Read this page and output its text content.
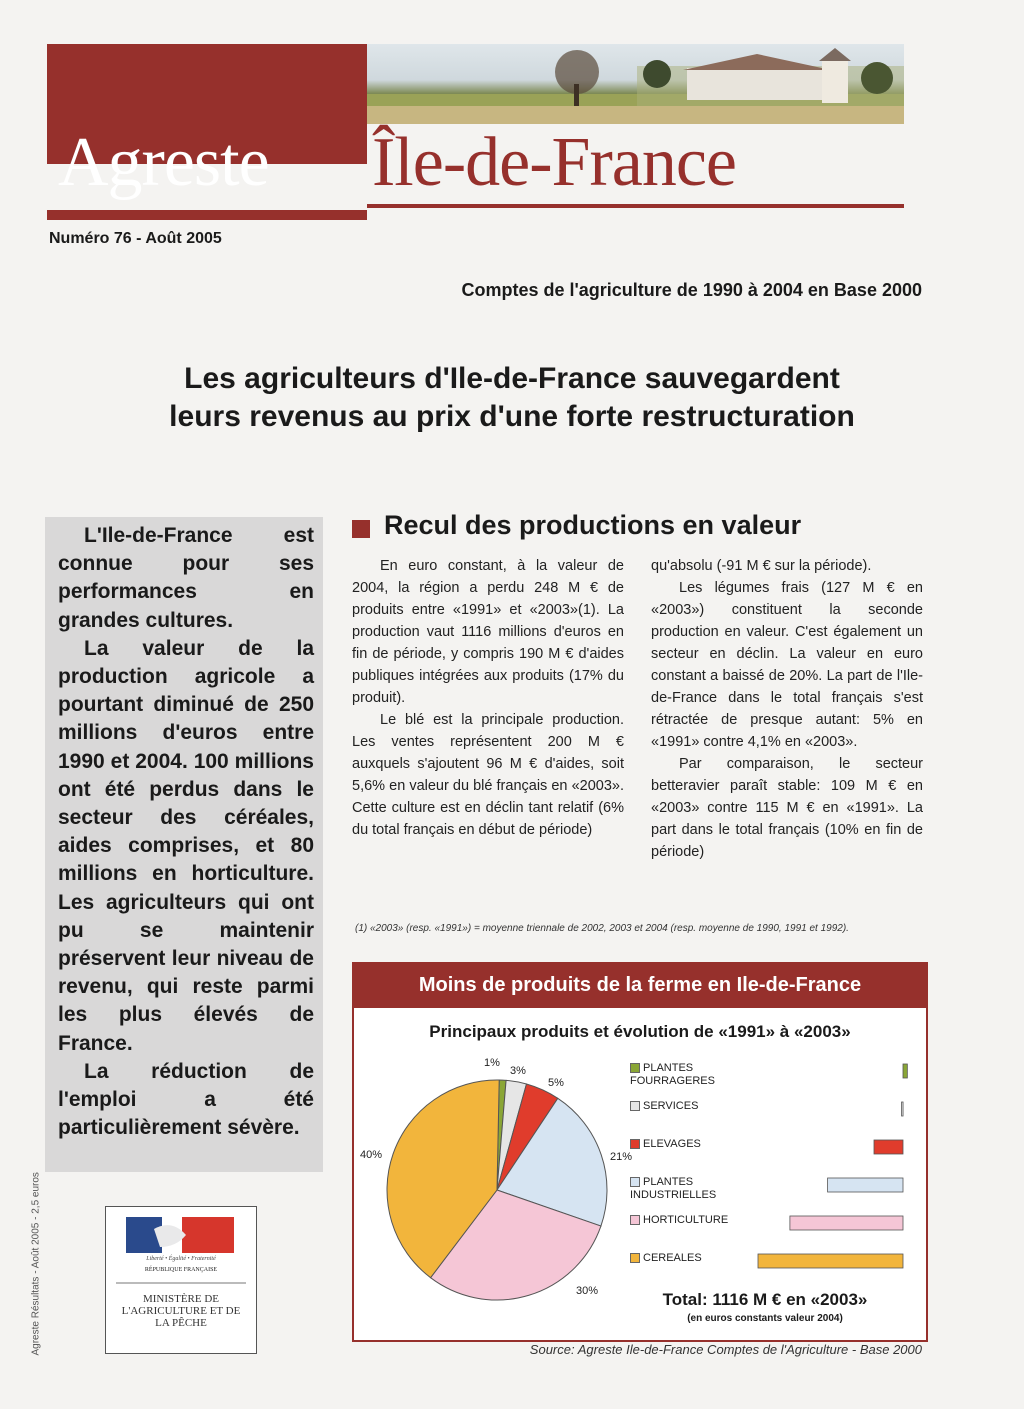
Agreste Île-de-France
Numéro 76 - Août 2005
Comptes de l'agriculture de 1990 à 2004 en Base 2000
Les agriculteurs d'Ile-de-France sauvegardent
leurs revenus au prix d'une forte restructuration

L'Ile-de-France est connue pour ses performances en grandes cultures.

La valeur de la production agricole a pourtant diminué de 250 millions d'euros entre 1990 et 2004. 100 millions ont été perdus dans le secteur des céréales, aides comprises, et 80 millions en horticulture. Les agriculteurs qui ont pu se maintenir préservent leur niveau de revenu, qui reste parmi les plus élevés de France.

La réduction de l'emploi a été particulièrement sévère.

Liberté • Égalité • Fraternité
RÉPUBLIQUE FRANÇAISE
MINISTÈRE DE L'AGRICULTURE ET DE LA PÊCHE
Agreste Résultats - Août 2005 - 2,5 euros
Recul des productions en valeur

En euro constant, à la valeur de 2004, la région a perdu 248 M € de produits entre «1991» et «2003»(1). La production vaut 1116 millions d'euros en fin de période, y compris 190 M € d'aides publiques intégrées aux produits (17% du produit).

Le blé est la principale production. Les ventes représentent 200 M € auxquels s'ajoutent 96 M € d'aides, soit 5,6% en valeur du blé français en «2003». Cette culture est en déclin tant relatif (6% du total français en début de période)

qu'absolu (-91 M € sur la période).

Les légumes frais (127 M € en «2003») constituent la seconde production en valeur. C'est également un secteur en déclin. La valeur en euro constant a baissé de 20%. La part de l'Ile-de-France dans le total français s'est rétractée de presque autant: 5% en «1991» contre 4,1% en «2003».

Par comparaison, le secteur betteravier paraît stable: 109 M € en «2003» contre 115 M € en «1991». La part dans le total français (10% en fin de période)

(1) «2003» (resp. «1991») = moyenne triennale de 2002, 2003 et 2004 (resp. moyenne de 1990, 1991 et 1992).
Moins de produits de la ferme en Ile-de-France
Principaux produits et évolution de «1991» à «2003»
1%
3%
5%
21%
30%
40%
PLANTES FOURRAGERES
SERVICES
ELEVAGES
PLANTES INDUSTRIELLES
HORTICULTURE
CEREALES
Total: 1116 M € en «2003»
(en euros constants valeur 2004)
Source: Agreste Ile-de-France Comptes de l'Agriculture - Base 2000
